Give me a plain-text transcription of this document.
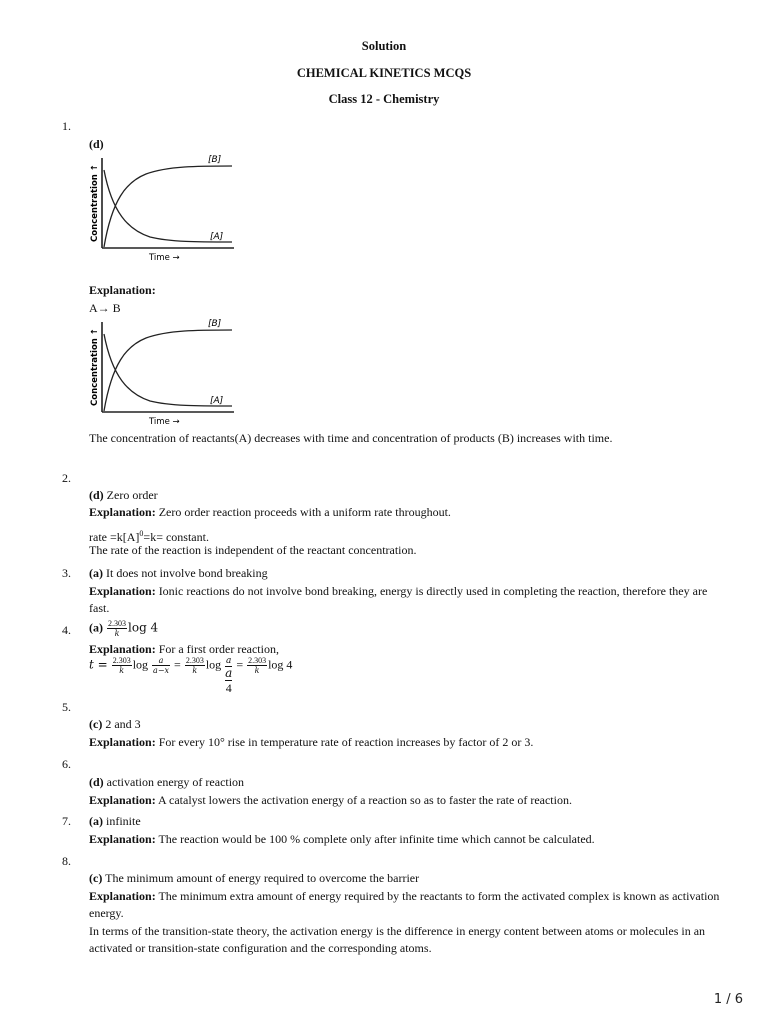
Solution
CHEMICAL KINETICS MCQS
Class 12 - Chemistry
1.
(d)
[B]
[A]
Concentration ↑
Time →
Explanation:
A→ B
[B]
[A]
Concentration ↑
Time →
The concentration of reactants(A) decreases with time and concentration of products (B) increases with time.
2.
(d) Zero order
Explanation: Zero order reaction proceeds with a uniform rate throughout.
rate $=k[A]^0=k=$ constant.
The rate of the reaction is independent of the reactant concentration.
3. (a) It does not involve bond breaking
Explanation: Ionic reactions do not involve bond breaking, energy is directly used in completing the reaction, therefore they are fast.
4. $(a) \frac{2.303}{k}$ log 4
Explanation: For a first order reaction,
$t = \frac{2.303}{k}$ $\log \frac{a}{a-x} = \frac{2.303}{k}$ log a
a
$4 = \frac{2.303}{k}$ log 4
5.
(c) 2 and 3
Explanation: For every 10° rise in temperature rate of reaction increases by factor of 2 or 3.
6.
(d) activation energy of reaction
Explanation: A catalyst lowers the activation energy of a reaction so as to faster the rate of reaction.
7. (a) infinite
Explanation: The reaction would be 100 % complete only after infinite time which cannot be calculated.
8.
(c) The minimum amount of energy required to overcome the barrier
Explanation: The minimum extra amount of energy required by the reactants to form the activated complex is known as activation energy.
In terms of the transition-state theory, the activation energy is the difference in energy content between atoms or molecules in an activated or transition-state configuration and the corresponding atoms.
1 / 6
